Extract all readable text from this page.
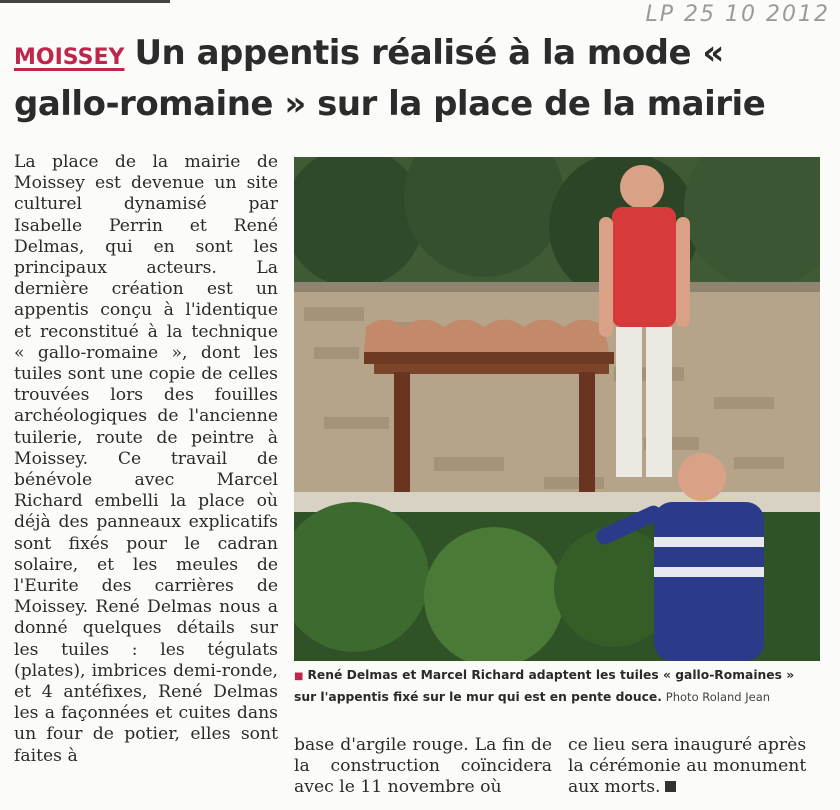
LP 25 10 2012
MOISSEY Un appentis réalisé à la mode « gallo-romaine » sur la place de la mairie

La place de la mairie de Moissey est devenue un site culturel dynamisé par Isabelle Perrin et René Delmas, qui en sont les principaux acteurs. La dernière création est un appentis conçu à l'identique et reconstitué à la technique « gallo-romaine », dont les tuiles sont une copie de celles trouvées lors des fouilles archéologiques de l'ancienne tuilerie, route de peintre à Moissey. Ce travail de bénévole avec Marcel Richard embelli la place où déjà des panneaux explicatifs sont fixés pour le cadran solaire, et les meules de l'Eurite des carrières de Moissey. René Delmas nous a donné quelques détails sur les tuiles : les tégulats (plates), imbrices demi-ronde, et 4 antéfixes, René Delmas les a façonnées et cuites dans un four de potier, elles sont faites à

■ René Delmas et Marcel Richard adaptent les tuiles « gallo-Romaines » sur l'appentis fixé sur le mur qui est en pente douce. Photo Roland Jean

base d'argile rouge. La fin de la construction coïncidera avec le 11 novembre où

ce lieu sera inauguré après la cérémonie au monument aux morts.
